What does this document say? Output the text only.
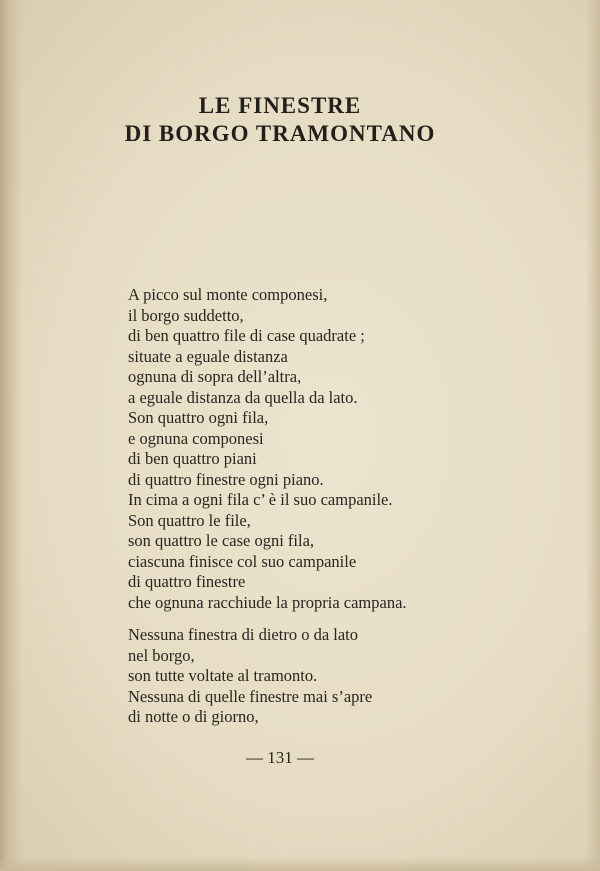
LE FINESTRE
DI BORGO TRAMONTANO
A picco sul monte componesi,
il borgo suddetto,
di ben quattro file di case quadrate ;
situate a eguale distanza
ognuna di sopra dell’altra,
a eguale distanza da quella da lato.
Son quattro ogni fila,
e ognuna componesi
di ben quattro piani
di quattro finestre ogni piano.
In cima a ogni fila c’ è il suo campanile.
Son quattro le file,
son quattro le case ogni fila,
ciascuna finisce col suo campanile
di quattro finestre
che ognuna racchiude la propria campana.
Nessuna finestra di dietro o da lato
nel borgo,
son tutte voltate al tramonto.
Nessuna di quelle finestre mai s’apre
di notte o di giorno,
— 131 —
